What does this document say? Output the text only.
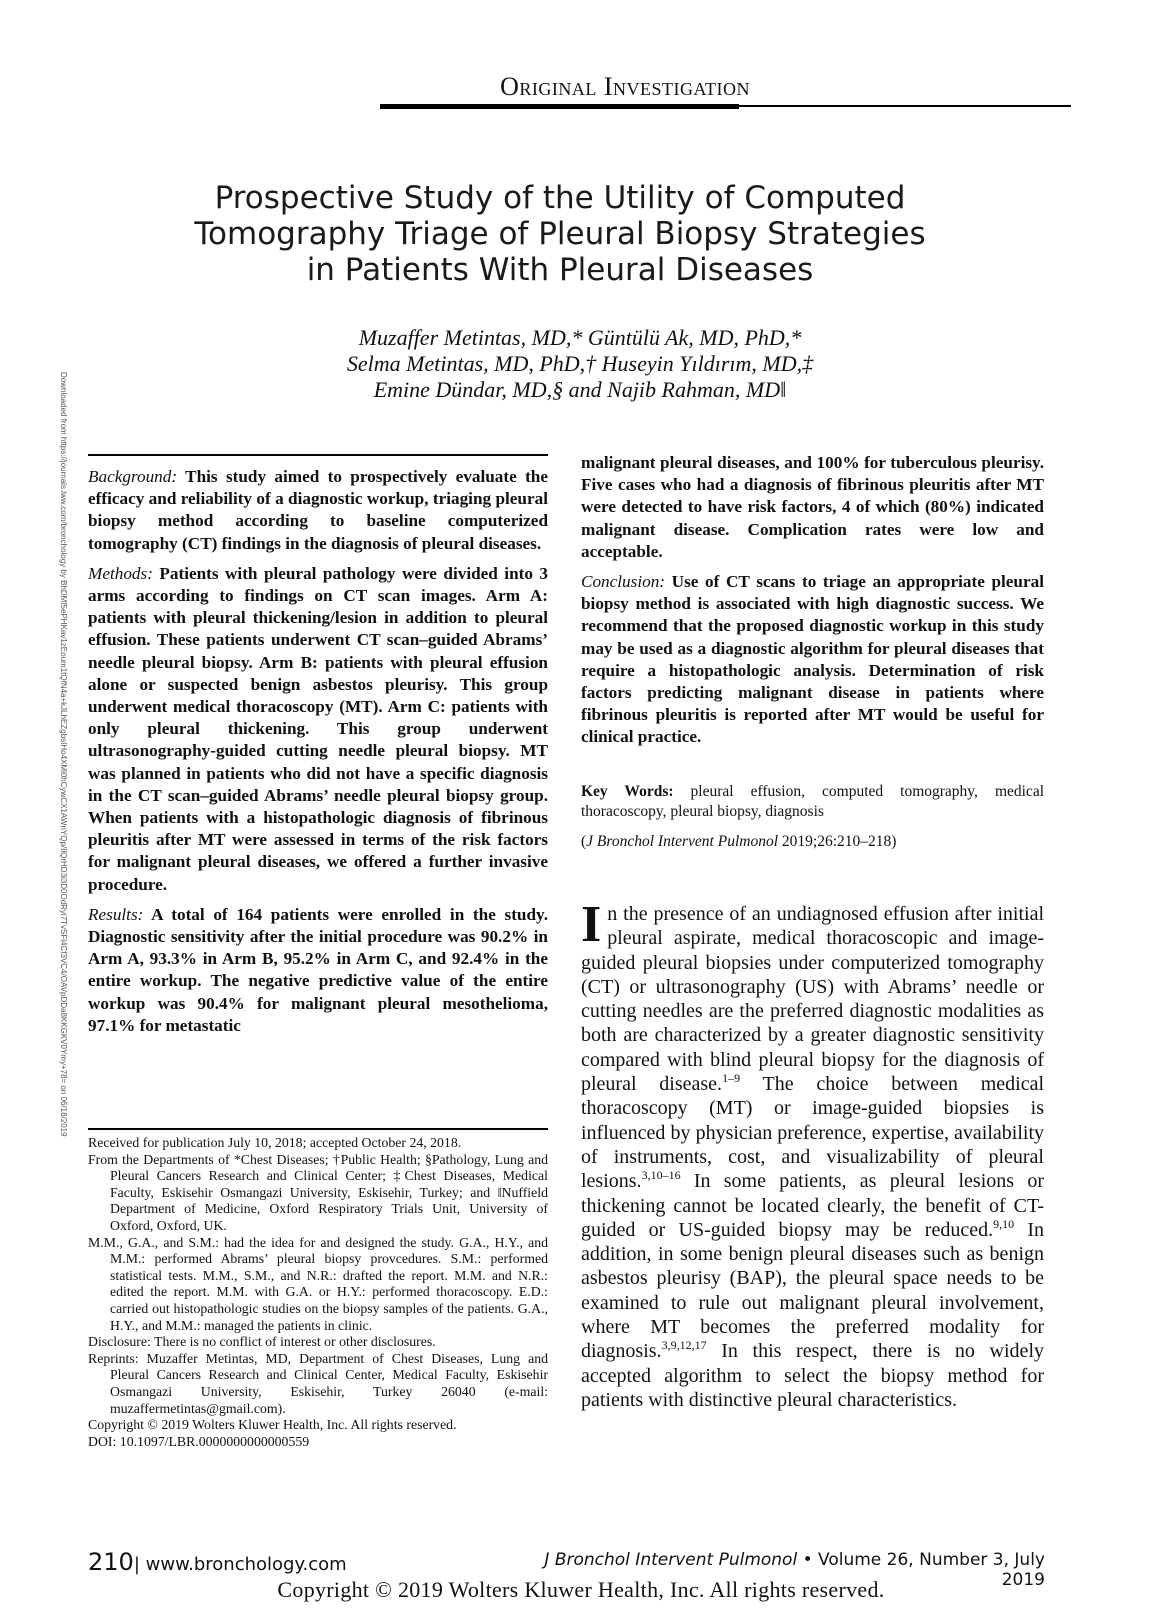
Original Investigation
Prospective Study of the Utility of Computed
Tomography Triage of Pleural Biopsy Strategies
in Patients With Pleural Diseases
Muzaffer Metintas, MD,* Güntülü Ak, MD, PhD,*
Selma Metintas, MD, PhD,† Huseyin Yıldırım, MD,‡
Emine Dündar, MD,§ and Najib Rahman, MD‖
Downloaded from https://journals.lww.com/bronchology by BhDMf5ePHKav1zEoum1tQfN4a+kJLhEZgbsIHo4XMi0hCywCX1AWnYQp/IlQrHD3i3D0OdRyi7TvSFl4Cf3VC4/OAVpDDa8KKGKV0Ymy+78= on 06/18/2019 Background: This study aimed to prospectively evaluate the efficacy and reliability of a diagnostic workup, triaging pleural biopsy method according to baseline computerized tomography (CT) findings in the diagnosis of pleural diseases.

Methods: Patients with pleural pathology were divided into 3 arms according to findings on CT scan images. Arm A: patients with pleural thickening/lesion in addition to pleural effusion. These patients underwent CT scan–guided Abrams’ needle pleural biopsy. Arm B: patients with pleural effusion alone or suspected benign asbestos pleurisy. This group underwent medical thoracoscopy (MT). Arm C: patients with only pleural thickening. This group underwent ultrasonography-guided cutting needle pleural biopsy. MT was planned in patients who did not have a specific diagnosis in the CT scan–guided Abrams’ needle pleural biopsy group. When patients with a histopathologic diagnosis of fibrinous pleuritis after MT were assessed in terms of the risk factors for malignant pleural diseases, we offered a further invasive procedure.

Results: A total of 164 patients were enrolled in the study. Diagnostic sensitivity after the initial procedure was 90.2% in Arm A, 93.3% in Arm B, 95.2% in Arm C, and 92.4% in the entire workup. The negative predictive value of the entire workup was 90.4% for malignant pleural mesothelioma, 97.1% for metastatic

malignant pleural diseases, and 100% for tuberculous pleurisy. Five cases who had a diagnosis of fibrinous pleuritis after MT were detected to have risk factors, 4 of which (80%) indicated malignant disease. Complication rates were low and acceptable.

Conclusion: Use of CT scans to triage an appropriate pleural biopsy method is associated with high diagnostic success. We recommend that the proposed diagnostic workup in this study may be used as a diagnostic algorithm for pleural diseases that require a histopathologic analysis. Determination of risk factors predicting malignant disease in patients where fibrinous pleuritis is reported after MT would be useful for clinical practice.

Key Words: pleural effusion, computed tomography, medical thoracoscopy, pleural biopsy, diagnosis
(J Bronchol Intervent Pulmonol 2019;26:210–218)

Received for publication July 10, 2018; accepted October 24, 2018.

From the Departments of *Chest Diseases; †Public Health; §Pathology, Lung and Pleural Cancers Research and Clinical Center; ‡Chest Diseases, Medical Faculty, Eskisehir Osmangazi University, Eskisehir, Turkey; and ‖Nuffield Department of Medicine, Oxford Respiratory Trials Unit, University of Oxford, Oxford, UK.

M.M., G.A., and S.M.: had the idea for and designed the study. G.A., H.Y., and M.M.: performed Abrams’ pleural biopsy provcedures. S.M.: performed statistical tests. M.M., S.M., and N.R.: drafted the report. M.M. and N.R.: edited the report. M.M. with G.A. or H.Y.: performed thoracoscopy. E.D.: carried out histopathologic studies on the biopsy samples of the patients. G.A., H.Y., and M.M.: managed the patients in clinic.

Disclosure: There is no conflict of interest or other disclosures.

Reprints: Muzaffer Metintas, MD, Department of Chest Diseases, Lung and Pleural Cancers Research and Clinical Center, Medical Faculty, Eskisehir Osmangazi University, Eskisehir, Turkey 26040 (e-mail: muzaffermetintas@gmail.com).

Copyright © 2019 Wolters Kluwer Health, Inc. All rights reserved.

DOI: 10.1097/LBR.0000000000000559

In the presence of an undiagnosed effusion after initial pleural aspirate, medical thoracoscopic and image-guided pleural biopsies under computerized tomography (CT) or ultrasonography (US) with Abrams’ needle or cutting needles are the preferred diagnostic modalities as both are characterized by a greater diagnostic sensitivity compared with blind pleural biopsy for the diagnosis of pleural disease.$^{1-9}$ The choice between medical thoracoscopy (MT) or image-guided biopsies is influenced by physician preference, expertise, availability of instruments, cost, and visualizability of pleural lesions.$^{3,10-16}$ In some patients, as pleural lesions or thickening cannot be located clearly, the benefit of CT-guided or US-guided biopsy may be reduced.$^{9,10}$ In addition, in some benign pleural diseases such as benign asbestos pleurisy (BAP), the pleural space needs to be examined to rule out malignant pleural involvement, where MT becomes the preferred modality for diagnosis.$^{3,9,12,17}$ In this respect, there is no widely accepted algorithm to select the biopsy method for patients with distinctive pleural characteristics.
210| www.bronchology.com	J Bronchol Intervent Pulmonol • Volume 26, Number 3, July 2019
Copyright © 2019 Wolters Kluwer Health, Inc. All rights reserved.
